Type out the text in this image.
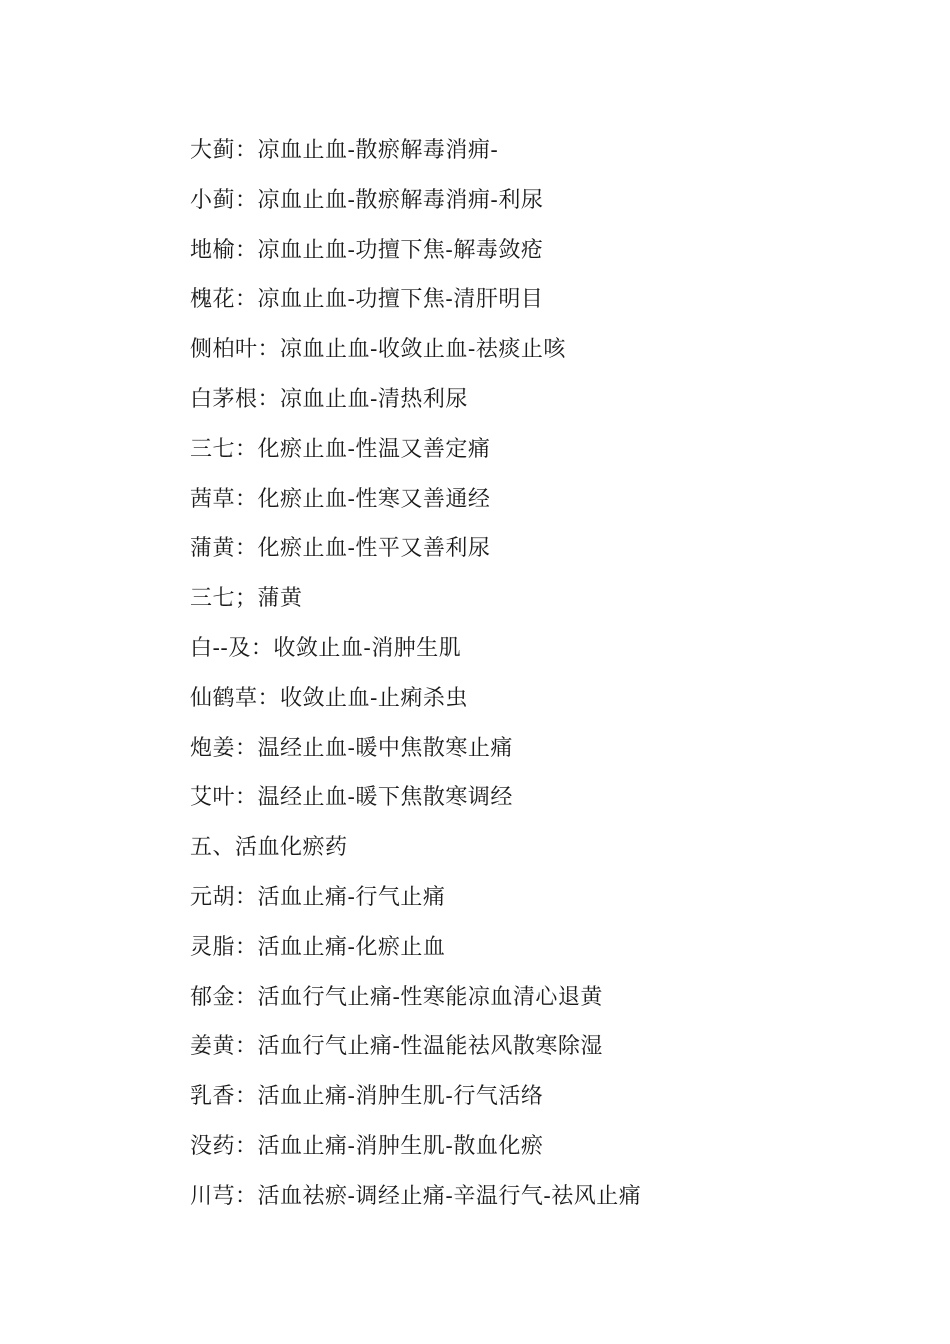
大蓟：凉血止血-散瘀解毒消痈-
小蓟：凉血止血-散瘀解毒消痈-利尿
地榆：凉血止血-功擅下焦-解毒敛疮
槐花：凉血止血-功擅下焦-清肝明目
侧柏叶：凉血止血-收敛止血-祛痰止咳
白茅根：凉血止血-清热利尿
三七：化瘀止血-性温又善定痛
茜草：化瘀止血-性寒又善通经
蒲黄：化瘀止血-性平又善利尿
三七；蒲黄
白--及：收敛止血-消肿生肌
仙鹤草：收敛止血-止痢杀虫
炮姜：温经止血-暖中焦散寒止痛
艾叶：温经止血-暖下焦散寒调经
五、活血化瘀药
元胡：活血止痛-行气止痛
灵脂：活血止痛-化瘀止血
郁金：活血行气止痛-性寒能凉血清心退黄
姜黄：活血行气止痛-性温能祛风散寒除湿
乳香：活血止痛-消肿生肌-行气活络
没药：活血止痛-消肿生肌-散血化瘀
川芎：活血祛瘀-调经止痛-辛温行气-祛风止痛
